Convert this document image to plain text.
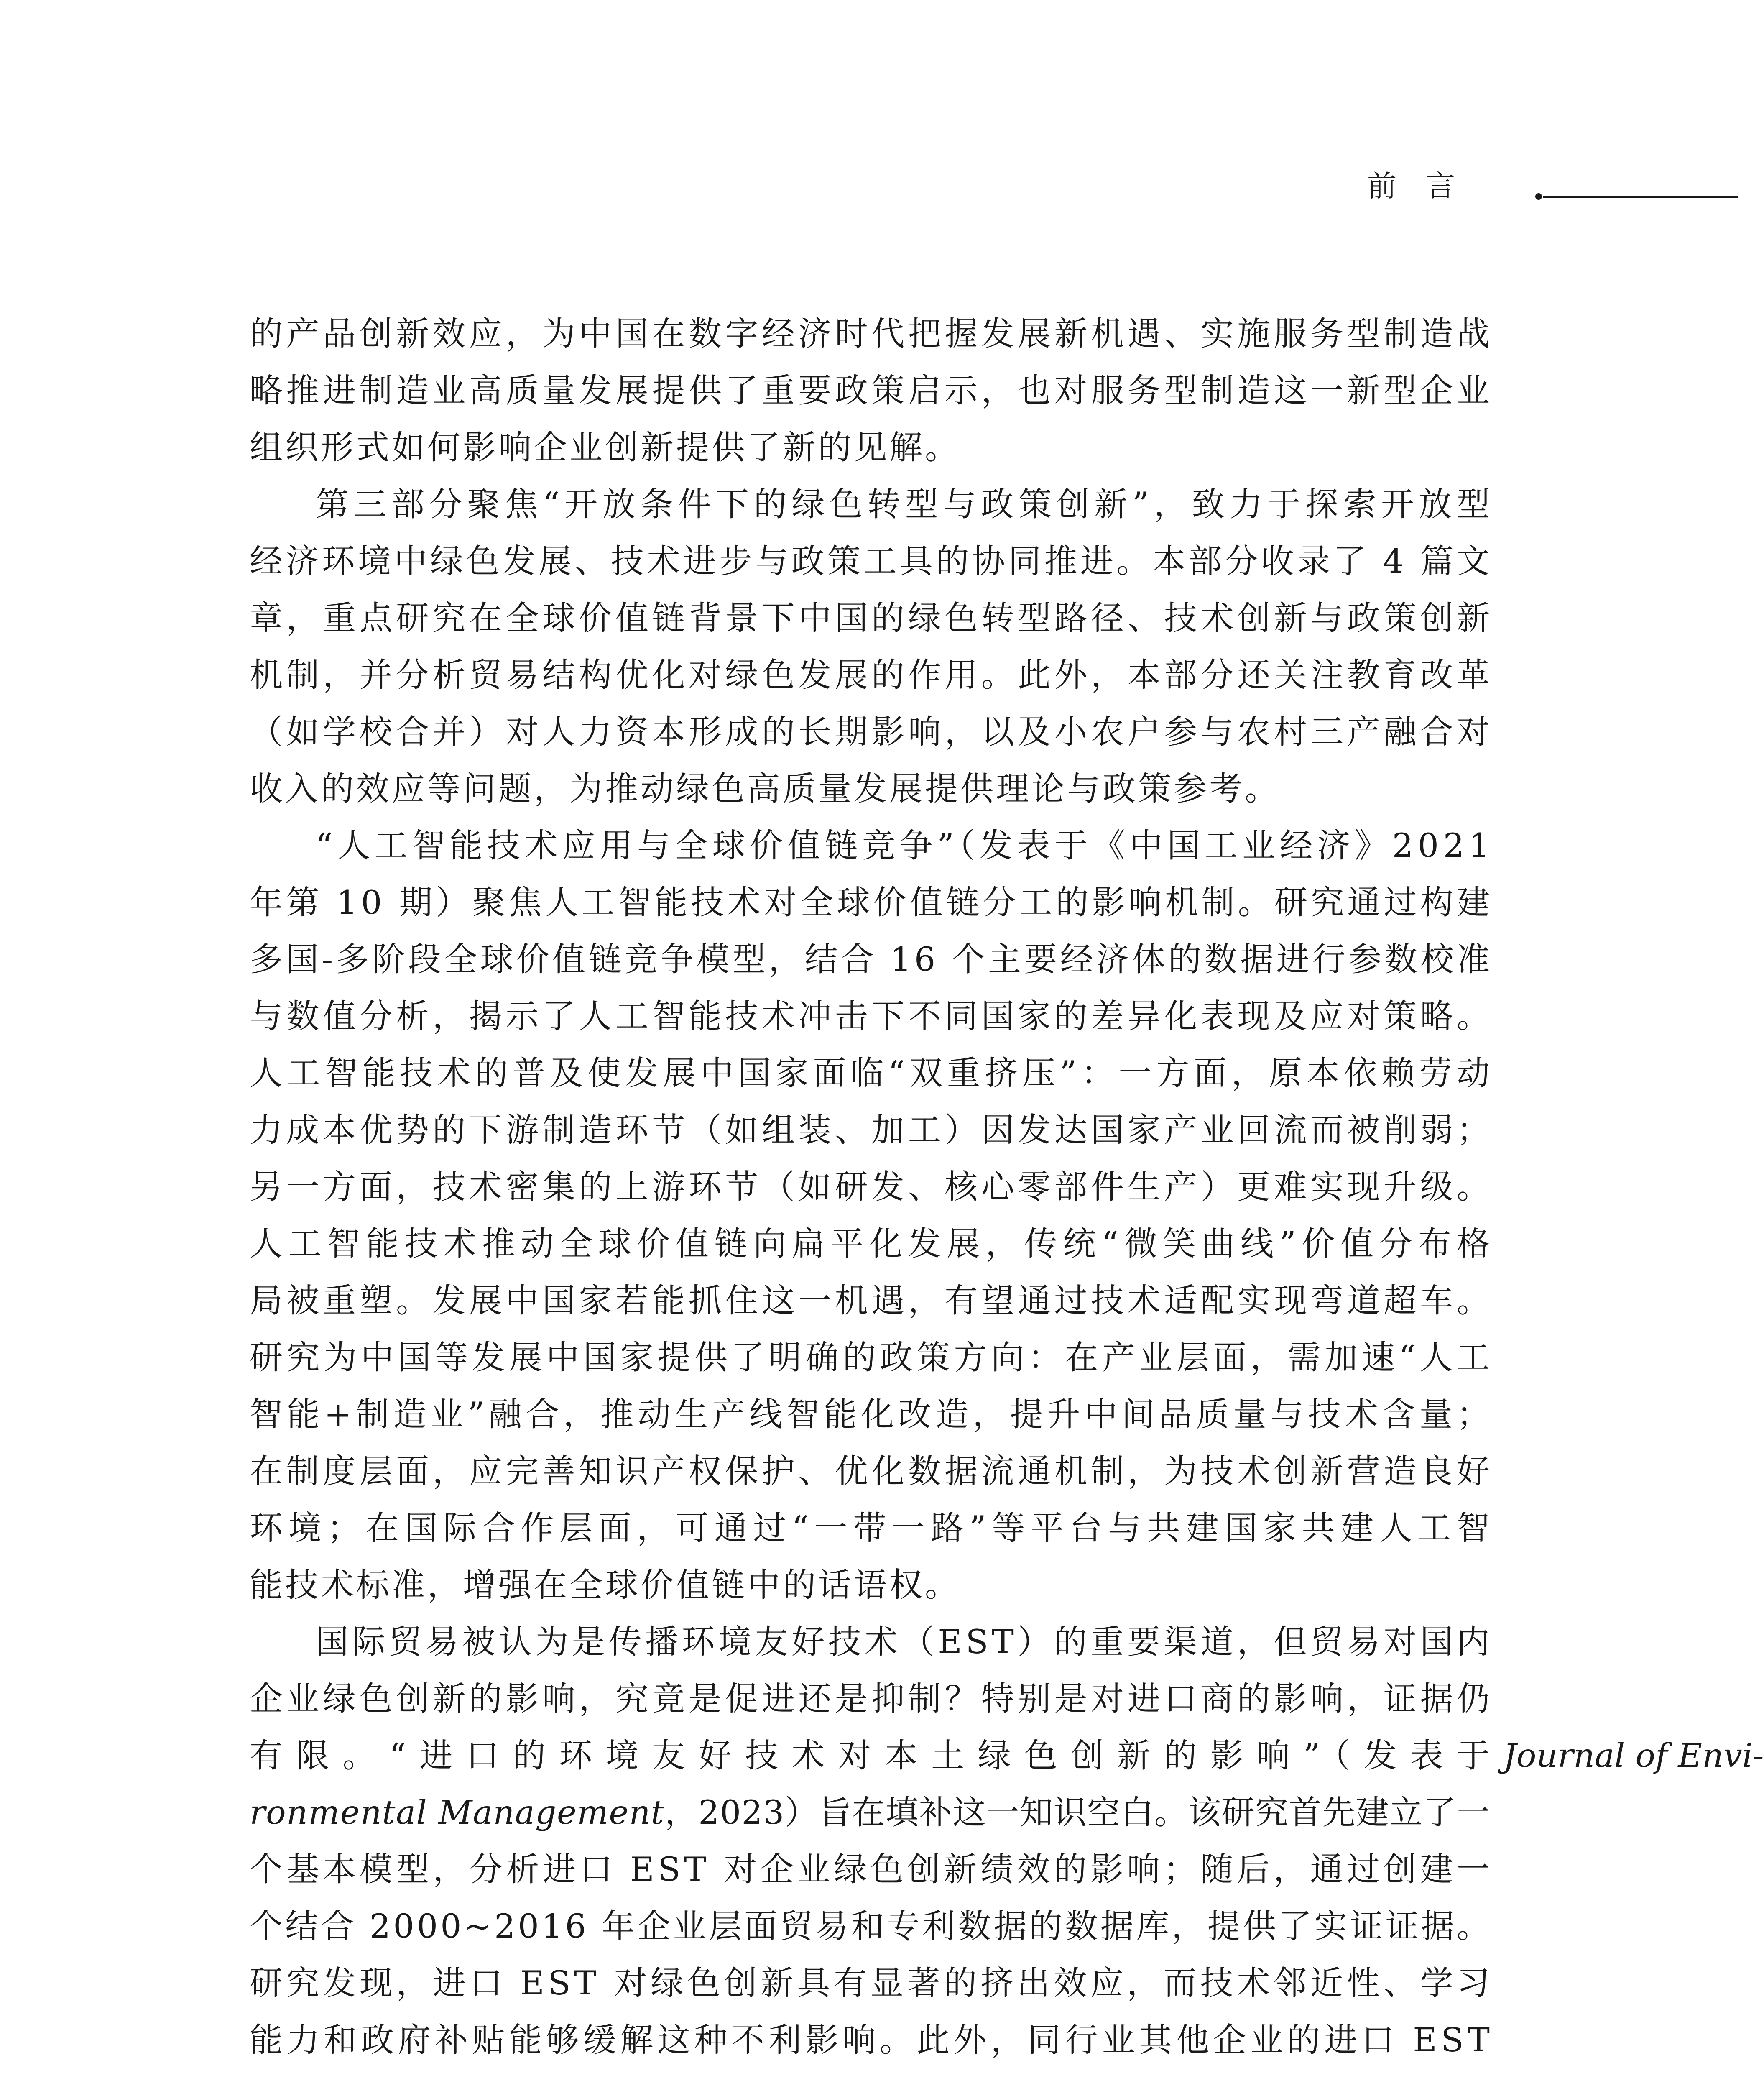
前言
的产品创新效应，为中国在数字经济时代把握发展新机遇、实施服务型制造战
略推进制造业高质量发展提供了重要政策启示，也对服务型制造这一新型企业
组织形式如何影响企业创新提供了新的见解。
第三部分聚焦“开放条件下的绿色转型与政策创新”，致力于探索开放型
经济环境中绿色发展、技术进步与政策工具的协同推进。本部分收录了 4 篇文
章，重点研究在全球价值链背景下中国的绿色转型路径、技术创新与政策创新
机制，并分析贸易结构优化对绿色发展的作用。此外，本部分还关注教育改革
（如学校合并）对人力资本形成的长期影响，以及小农户参与农村三产融合对
收入的效应等问题，为推动绿色高质量发展提供理论与政策参考。
“人工智能技术应用与全球价值链竞争”（发表于《中国工业经济》2021
年第 10 期）聚焦人工智能技术对全球价值链分工的影响机制。研究通过构建
多国-多阶段全球价值链竞争模型，结合 16 个主要经济体的数据进行参数校准
与数值分析，揭示了人工智能技术冲击下不同国家的差异化表现及应对策略。
人工智能技术的普及使发展中国家面临“双重挤压”：一方面，原本依赖劳动
力成本优势的下游制造环节（如组装、加工）因发达国家产业回流而被削弱；
另一方面，技术密集的上游环节（如研发、核心零部件生产）更难实现升级。
人工智能技术推动全球价值链向扁平化发展，传统“微笑曲线”价值分布格
局被重塑。发展中国家若能抓住这一机遇，有望通过技术适配实现弯道超车。
研究为中国等发展中国家提供了明确的政策方向：在产业层面，需加速“人工
智能+制造业”融合，推动生产线智能化改造，提升中间品质量与技术含量；
在制度层面，应完善知识产权保护、优化数据流通机制，为技术创新营造良好
环境；在国际合作层面，可通过“一带一路”等平台与共建国家共建人工智
能技术标准，增强在全球价值链中的话语权。
国际贸易被认为是传播环境友好技术（EST）的重要渠道，但贸易对国内
企业绿色创新的影响，究竟是促进还是抑制？特别是对进口商的影响，证据仍
有限。“进口的环境友好技术对本土绿色创新的影响”（发表于 Journal of Envi-
ronmental Management，2023）旨在填补这一知识空白。该研究首先建立了一
个基本模型，分析进口 EST 对企业绿色创新绩效的影响；随后，通过创建一
个结合 2000~2016 年企业层面贸易和专利数据的数据库，提供了实证证据。
研究发现，进口 EST 对绿色创新具有显著的挤出效应，而技术邻近性、学习
能力和政府补贴能够缓解这种不利影响。此外，同行业其他企业的进口 EST
